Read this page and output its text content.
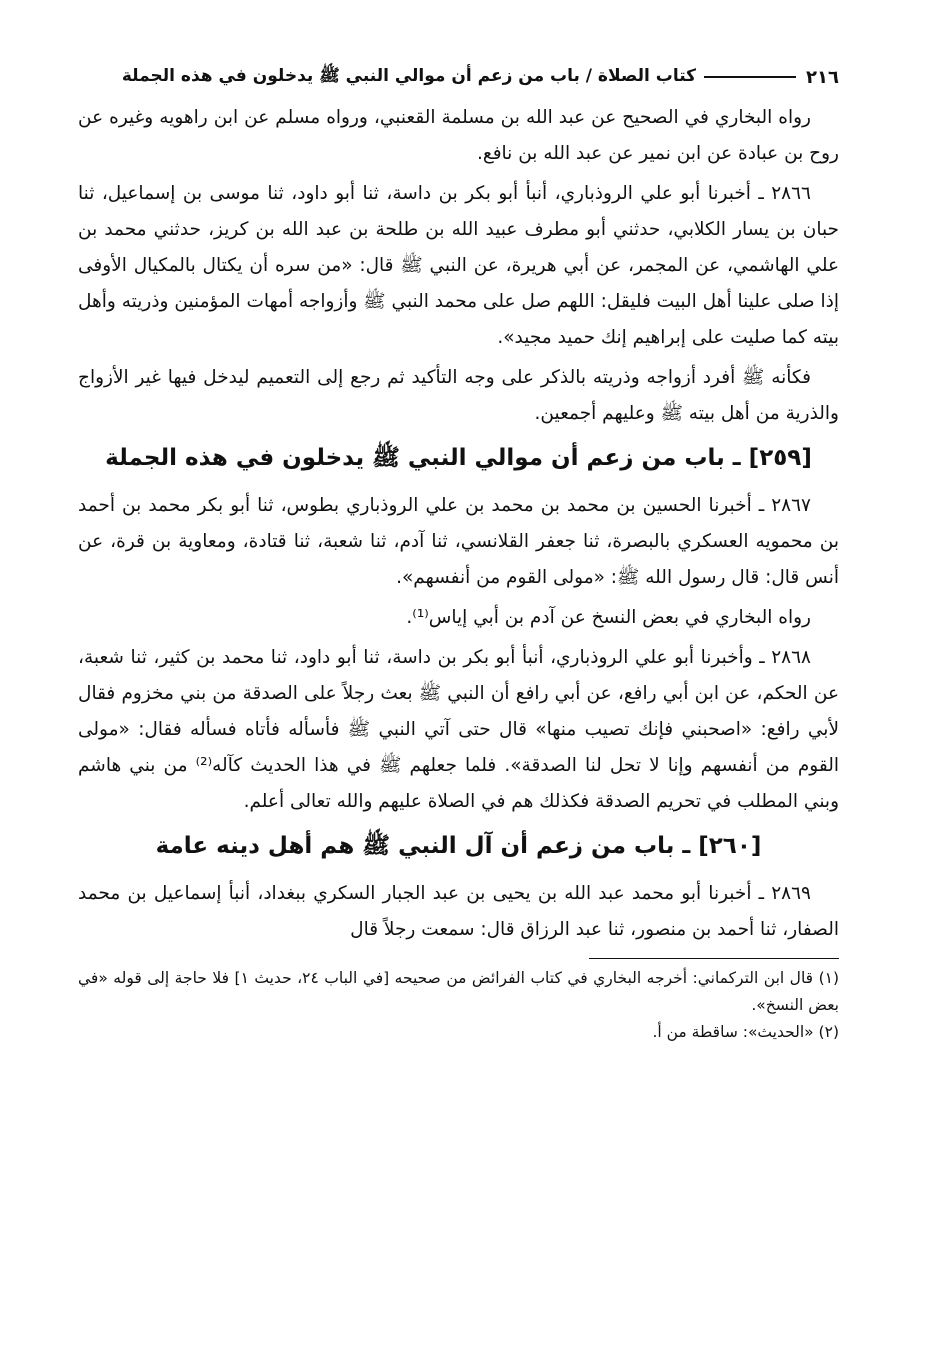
٢١٦
كتاب الصلاة / باب من زعم أن موالي النبي ﷺ يدخلون في هذه الجملة

رواه البخاري في الصحيح عن عبد الله بن مسلمة القعنبي، ورواه مسلم عن ابن راهويه وغيره عن روح بن عبادة عن ابن نمير عن عبد الله بن نافع.

٢٨٦٦ ـ أخبرنا أبو علي الروذباري، أنبأ أبو بكر بن داسة، ثنا أبو داود، ثنا موسى بن إسماعيل، ثنا حبان بن يسار الكلابي، حدثني أبو مطرف عبيد الله بن طلحة بن عبد الله بن كريز، حدثني محمد بن علي الهاشمي، عن المجمر، عن أبي هريرة، عن النبي ﷺ قال: «من سره أن يكتال بالمكيال الأوفى إذا صلى علينا أهل البيت فليقل: اللهم صل على محمد النبي ﷺ وأزواجه أمهات المؤمنين وذريته وأهل بيته كما صليت على إبراهيم إنك حميد مجيد».

فكأنه ﷺ أفرد أزواجه وذريته بالذكر على وجه التأكيد ثم رجع إلى التعميم ليدخل فيها غير الأزواج والذرية من أهل بيته ﷺ وعليهم أجمعين.

[٢٥٩] ـ باب من زعم أن موالي النبي ﷺ يدخلون في هذه الجملة

٢٨٦٧ ـ أخبرنا الحسين بن محمد بن محمد بن علي الروذباري بطوس، ثنا أبو بكر محمد بن أحمد بن محمويه العسكري بالبصرة، ثنا جعفر القلانسي، ثنا آدم، ثنا شعبة، ثنا قتادة، ومعاوية بن قرة، عن أنس قال: قال رسول الله ﷺ: «مولى القوم من أنفسهم».

رواه البخاري في بعض النسخ عن آدم بن أبي إياس⁽¹⁾.

٢٨٦٨ ـ وأخبرنا أبو علي الروذباري، أنبأ أبو بكر بن داسة، ثنا أبو داود، ثنا محمد بن كثير، ثنا شعبة، عن الحكم، عن ابن أبي رافع، عن أبي رافع أن النبي ﷺ بعث رجلاً على الصدقة من بني مخزوم فقال لأبي رافع: «اصحبني فإنك تصيب منها» قال حتى آتي النبي ﷺ فأسأله فأتاه فسأله فقال: «مولى القوم من أنفسهم وإنا لا تحل لنا الصدقة». فلما جعلهم ﷺ في هذا الحديث كآله⁽²⁾ من بني هاشم وبني المطلب في تحريم الصدقة فكذلك هم في الصلاة عليهم والله تعالى أعلم.

[٢٦٠] ـ باب من زعم أن آل النبي ﷺ هم أهل دينه عامة

٢٨٦٩ ـ أخبرنا أبو محمد عبد الله بن يحيى بن عبد الجبار السكري ببغداد، أنبأ إسماعيل بن محمد الصفار، ثنا أحمد بن منصور، ثنا عبد الرزاق قال: سمعت رجلاً قال

(١) قال ابن التركماني: أخرجه البخاري في كتاب الفرائض من صحيحه [في الباب ٢٤، حديث ١] فلا حاجة إلى قوله «في بعض النسخ».

(٢) «الحديث»: ساقطة من أ.
